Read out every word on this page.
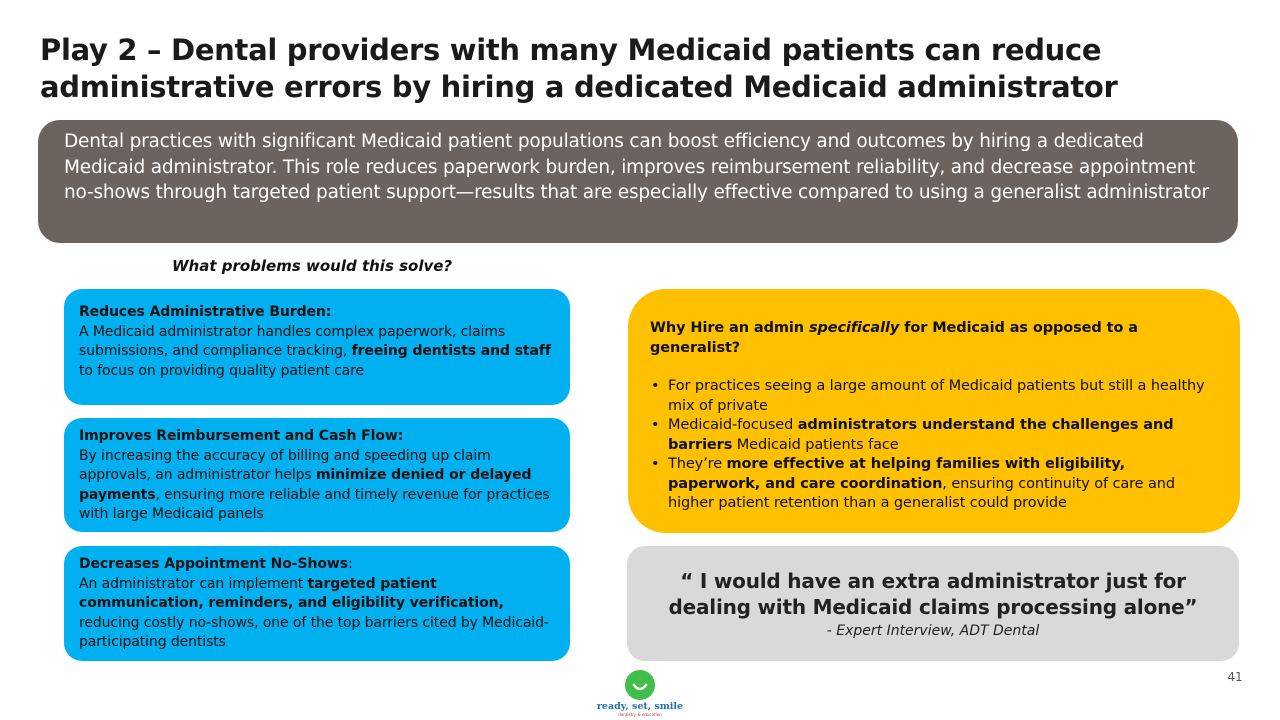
Play 2 – Dental providers with many Medicaid patients can reduce
administrative errors by hiring a dedicated Medicaid administrator
Dental practices with significant Medicaid patient populations can boost efficiency and outcomes by hiring a dedicated Medicaid administrator. This role reduces paperwork burden, improves reimbursement reliability, and decrease appointment no-shows through targeted patient support—results that are especially effective compared to using a generalist administrator
What problems would this solve?
Reduces Administrative Burden:
A Medicaid administrator handles complex paperwork, claims submissions, and compliance tracking, freeing dentists and staff to focus on providing quality patient care
Improves Reimbursement and Cash Flow:
By increasing the accuracy of billing and speeding up claim approvals, an administrator helps minimize denied or delayed payments, ensuring more reliable and timely revenue for practices with large Medicaid panels
Decreases Appointment No-Shows:
An administrator can implement targeted patient communication, reminders, and eligibility verification, reducing costly no-shows, one of the top barriers cited by Medicaid-participating dentists
Why Hire an admin specifically for Medicaid as opposed to a generalist?
• For practices seeing a large amount of Medicaid patients but still a healthy mix of private
• Medicaid-focused administrators understand the challenges and barriers Medicaid patients face
• They’re more effective at helping families with eligibility, paperwork, and care coordination, ensuring continuity of care and higher patient retention than a generalist could provide
“ I would have an extra administrator just for dealing with Medicaid claims processing alone”
- Expert Interview, ADT Dental
ready, set, smile
dentistry & education
41
